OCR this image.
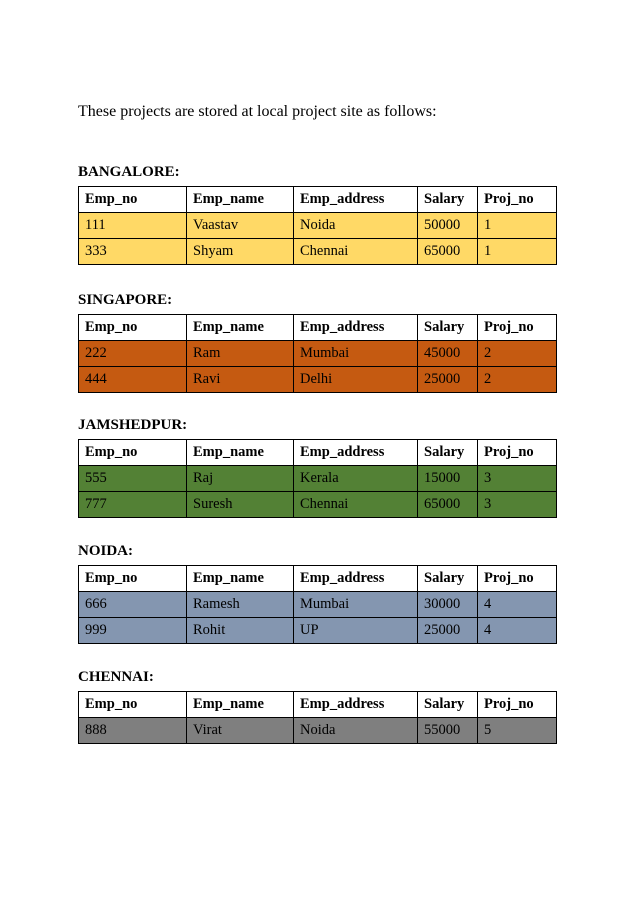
These projects are stored at local project site as follows:
BANGALORE:
Emp_no	Emp_name	Emp_address	Salary	Proj_no
111	Vaastav	Noida	50000	1
333	Shyam	Chennai	65000	1
SINGAPORE:
Emp_no	Emp_name	Emp_address	Salary	Proj_no
222	Ram	Mumbai	45000	2
444	Ravi	Delhi	25000	2
JAMSHEDPUR:
Emp_no	Emp_name	Emp_address	Salary	Proj_no
555	Raj	Kerala	15000	3
777	Suresh	Chennai	65000	3
NOIDA:
Emp_no	Emp_name	Emp_address	Salary	Proj_no
666	Ramesh	Mumbai	30000	4
999	Rohit	UP	25000	4
CHENNAI:
Emp_no	Emp_name	Emp_address	Salary	Proj_no
888	Virat	Noida	55000	5
